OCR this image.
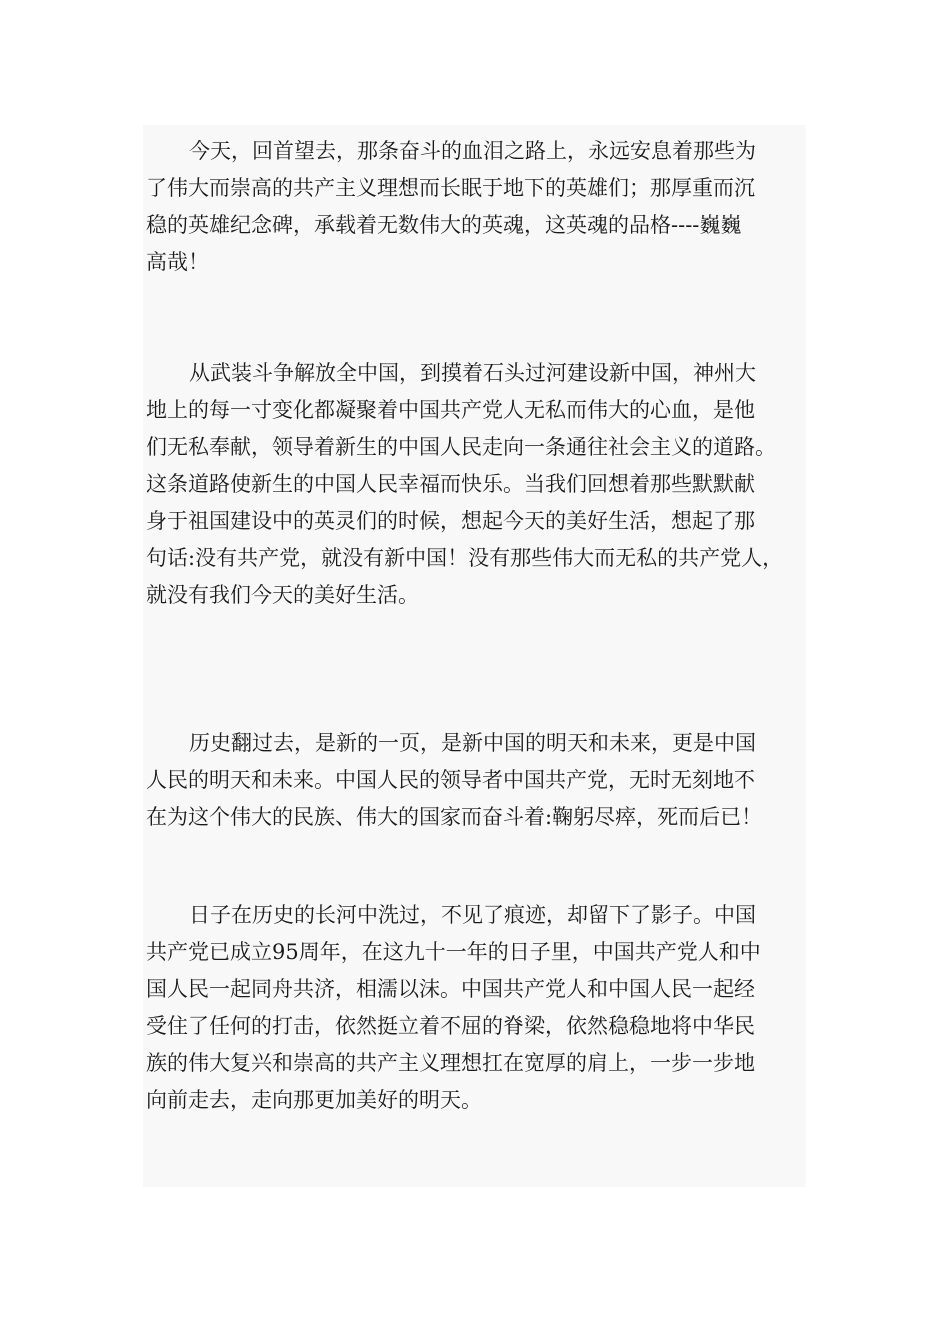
今天，回首望去，那条奋斗的血泪之路上，永远安息着那些为
了伟大而崇高的共产主义理想而长眠于地下的英雄们；那厚重而沉
稳的英雄纪念碑，承载着无数伟大的英魂，这英魂的品格----巍巍
高哉！
从武装斗争解放全中国，到摸着石头过河建设新中国，神州大
地上的每一寸变化都凝聚着中国共产党人无私而伟大的心血，是他
们无私奉献，领导着新生的中国人民走向一条通往社会主义的道路。
这条道路使新生的中国人民幸福而快乐。当我们回想着那些默默献
身于祖国建设中的英灵们的时候，想起今天的美好生活，想起了那
句话:没有共产党，就没有新中国！没有那些伟大而无私的共产党人，
就没有我们今天的美好生活。
历史翻过去，是新的一页，是新中国的明天和未来，更是中国
人民的明天和未来。中国人民的领导者中国共产党，无时无刻地不
在为这个伟大的民族、伟大的国家而奋斗着:鞠躬尽瘁，死而后已！
日子在历史的长河中洗过，不见了痕迹，却留下了影子。中国
共产党已成立95周年，在这九十一年的日子里，中国共产党人和中
国人民一起同舟共济，相濡以沫。中国共产党人和中国人民一起经
受住了任何的打击，依然挺立着不屈的脊梁，依然稳稳地将中华民
族的伟大复兴和崇高的共产主义理想扛在宽厚的肩上，一步一步地
向前走去，走向那更加美好的明天。
